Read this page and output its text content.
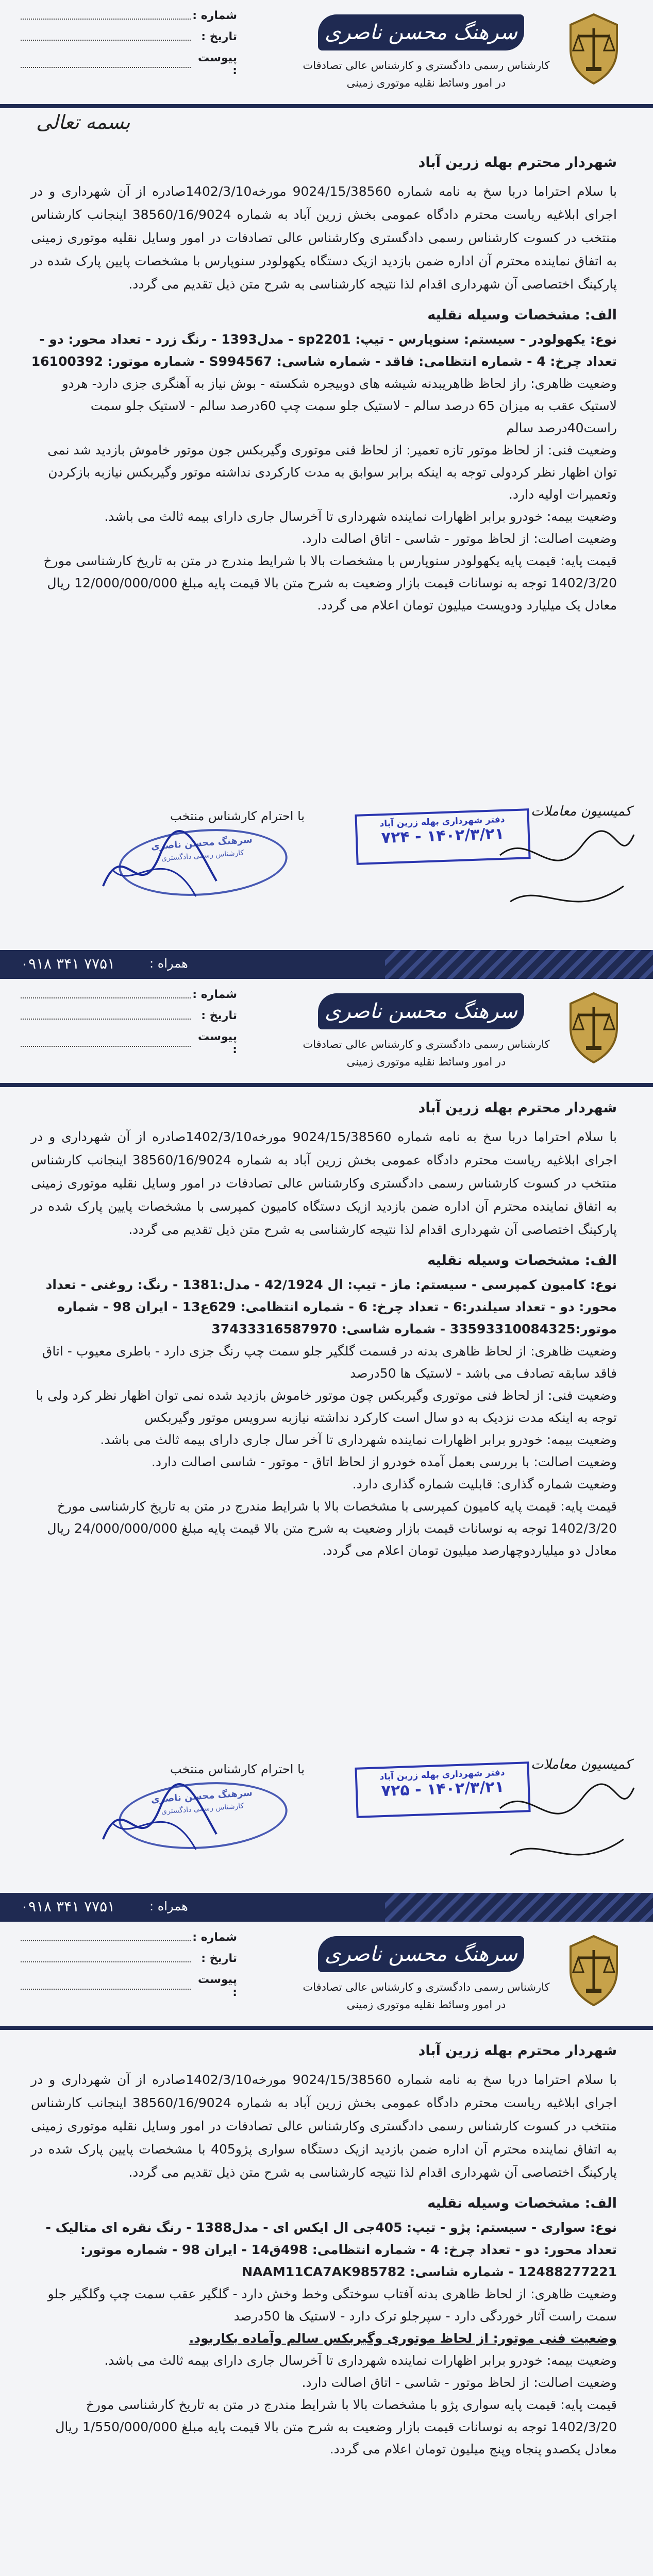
شماره :
تاریخ :
پیوست :
سرهنگ محسن ناصری
کارشناس رسمی دادگستری و کارشناس عالی تصادفات
در امور وسائط نقلیه موتوری زمینی
بسمه تعالی

شهردار محترم بهله زرین آباد

با سلام احتراما دربا سخ به نامه شماره 9024/15/38560 مورخه1402/3/10صادره از آن شهرداری و در اجرای ابلاغیه ریاست محترم دادگاه عمومی بخش زرین آباد به شماره 38560/16/9024 اینجانب کارشناس منتخب در کسوت کارشناس رسمی دادگستری وکارشناس عالی تصادفات در امور وسایل نقلیه موتوری زمینی به اتفاق نماینده محترم آن اداره ضمن بازدید ازیک دستگاه یکهولودر سنوپارس با مشخصات پایین پارک شده در پارکینگ اختصاصی آن شهرداری اقدام لذا نتیجه کارشناسی به شرح متن ذیل تقدیم می گردد.

الف: مشخصات وسیله نقلیه

نوع: یکهولودر - سیستم: سنوپارس - تیپ: sp2201 - مدل1393 - رنگ زرد - تعداد محور: دو - تعداد چرخ: 4 - شماره انتظامی: فاقد - شماره شاسی: S994567 - شماره موتور: 16100392

وضعیت ظاهری: راز لحاظ ظاهریبدنه شیشه های دوبیجره شکسته - بوش نیاز به آهنگری جزی دارد- هردو لاستیک عقب به میزان 65 درصد سالم - لاستیک جلو سمت چپ 60درصد سالم - لاستیک جلو سمت راست40درصد سالم

وضعیت فنی: از لحاظ موتور تازه تعمیر: از لحاظ فنی موتوری وگیربکس جون موتور خاموش بازدید شد نمی توان اظهار نظر کردولی توجه به اینکه برابر سوابق به مدت کارکردی نداشته موتور وگیربکس نیازبه بازکردن وتعمیرات اولیه دارد.

وضعیت بیمه: خودرو برابر اظهارات نماینده شهرداری تا آخرسال جاری دارای بیمه ثالث می باشد.

وضعیت اصالت: از لحاظ موتور - شاسی - اتاق اصالت دارد.

قیمت پایه: قیمت پایه یکهولودر سنوپارس با مشخصات بالا با شرایط مندرج در متن به تاریخ کارشناسی مورخ 1402/3/20 توجه به نوسانات قیمت بازار وضعیت به شرح متن بالا قیمت پایه مبلغ 12/000/000/000 ریال معادل یک میلیارد ودویست میلیون تومان اعلام می گردد.

با احترام کارشناس منتخب
سرهنگ محسن ناصری
کارشناس رسمی دادگستری
دفتر شهرداری بهله زرین آباد
۱۴۰۲/۳/۲۱ - ۷۲۴
کمیسیون معاملات
۰۹۱۸ ۳۴۱ ۷۷۵۱	همراه :
شماره :
تاریخ :
پیوست :
سرهنگ محسن ناصری
کارشناس رسمی دادگستری و کارشناس عالی تصادفات
در امور وسائط نقلیه موتوری زمینی

شهردار محترم بهله زرین آباد

با سلام احتراما دربا سخ به نامه شماره 9024/15/38560 مورخه1402/3/10صادره از آن شهرداری و در اجرای ابلاغیه ریاست محترم دادگاه عمومی بخش زرین آباد به شماره 38560/16/9024 اینجانب کارشناس منتخب در کسوت کارشناس رسمی دادگستری وکارشناس عالی تصادفات در امور وسایل نقلیه موتوری زمینی به اتفاق نماینده محترم آن اداره ضمن بازدید ازیک دستگاه کامیون کمپرسی با مشخصات پایین پارک شده در پارکینگ اختصاصی آن شهرداری اقدام لذا نتیجه کارشناسی به شرح متن ذیل تقدیم می گردد.

الف: مشخصات وسیله نقلیه

نوع: کامیون کمپرسی - سیستم: ماز - تیپ: ال 42/1924 - مدل:1381 - رنگ: روغنی - تعداد محور: دو - تعداد سیلندر:6 - تعداد چرخ: 6 - شماره انتظامی: 629ع13 - ایران 98 - شماره موتور:33593310084325 - شماره شاسی: 37433316587970

وضعیت ظاهری: از لحاظ ظاهری بدنه در قسمت گلگیر جلو سمت چپ رنگ جزی دارد - باطری معیوب - اتاق فاقد سابقه تصادف می باشد - لاستیک ها 50درصد

وضعیت فنی: از لحاظ فنی موتوری وگیربکس چون موتور خاموش بازدید شده نمی توان اظهار نظر کرد ولی با توجه به اینکه مدت نزدیک به دو سال است کارکرد نداشته نیازبه سرویس موتور وگیربکس

وضعیت بیمه: خودرو برابر اظهارات نماینده شهرداری تا آخر سال جاری دارای بیمه ثالث می باشد.

وضعیت اصالت: با بررسی بعمل آمده خودرو از لحاظ اتاق - موتور - شاسی اصالت دارد.

وضعیت شماره گذاری: قابلیت شماره گذاری دارد.

قیمت پایه: قیمت پایه کامیون کمپرسی با مشخصات بالا با شرایط مندرج در متن به تاریخ کارشناسی مورخ 1402/3/20 توجه به نوسانات قیمت بازار وضعیت به شرح متن بالا قیمت پایه مبلغ 24/000/000/000 ریال معادل دو میلیاردوچهارصد میلیون تومان اعلام می گردد.

با احترام کارشناس منتخب
سرهنگ محسن ناصری
کارشناس رسمی دادگستری
دفتر شهرداری بهله زرین آباد
۱۴۰۲/۳/۲۱ - ۷۲۵
کمیسیون معاملات
۰۹۱۸ ۳۴۱ ۷۷۵۱	همراه :
شماره :
تاریخ :
پیوست :
سرهنگ محسن ناصری
کارشناس رسمی دادگستری و کارشناس عالی تصادفات
در امور وسائط نقلیه موتوری زمینی

شهردار محترم بهله زرین آباد

با سلام احتراما دربا سخ به نامه شماره 9024/15/38560 مورخه1402/3/10صادره از آن شهرداری و در اجرای ابلاغیه ریاست محترم دادگاه عمومی بخش زرین آباد به شماره 38560/16/9024 اینجانب کارشناس منتخب در کسوت کارشناس رسمی دادگستری وکارشناس عالی تصادفات در امور وسایل نقلیه موتوری زمینی به اتفاق نماینده محترم آن اداره ضمن بازدید ازیک دستگاه سواری پژو405 با مشخصات پایین پارک شده در پارکینگ اختصاصی آن شهرداری اقدام لذا نتیجه کارشناسی به شرح متن ذیل تقدیم می گردد.

الف: مشخصات وسیله نقلیه

نوع: سواری - سیستم: پژو - تیپ: 405جی ال ایکس ای - مدل1388 - رنگ نقره ای متالیک - تعداد محور: دو - تعداد چرخ: 4 - شماره انتظامی: 498ق14 - ایران 98 - شماره موتور: 12488277221 - شماره شاسی: NAAM11CA7AK985782

وضعیت ظاهری: از لحاظ ظاهری بدنه آفتاب سوختگی وخط وخش دارد - گلگیر عقب سمت چپ وگلگیر جلو سمت راست آثار خوردگی دارد - سپرجلو ترک دارد - لاستیک ها 50درصد

وضعیت فنی موتور: از لحاظ موتوری وگیربکس سالم وآماده بکاربود.

وضعیت بیمه: خودرو برابر اظهارات نماینده شهرداری تا آخرسال جاری دارای بیمه ثالث می باشد.

وضعیت اصالت: از لحاظ موتور - شاسی - اتاق اصالت دارد.

قیمت پایه: قیمت پایه سواری پژو با مشخصات بالا با شرایط مندرج در متن به تاریخ کارشناسی مورخ 1402/3/20 توجه به نوسانات قیمت بازار وضعیت به شرح متن بالا قیمت پایه مبلغ 1/550/000/000 ریال معادل یکصدو پنجاه وپنج میلیون تومان اعلام می گردد.
